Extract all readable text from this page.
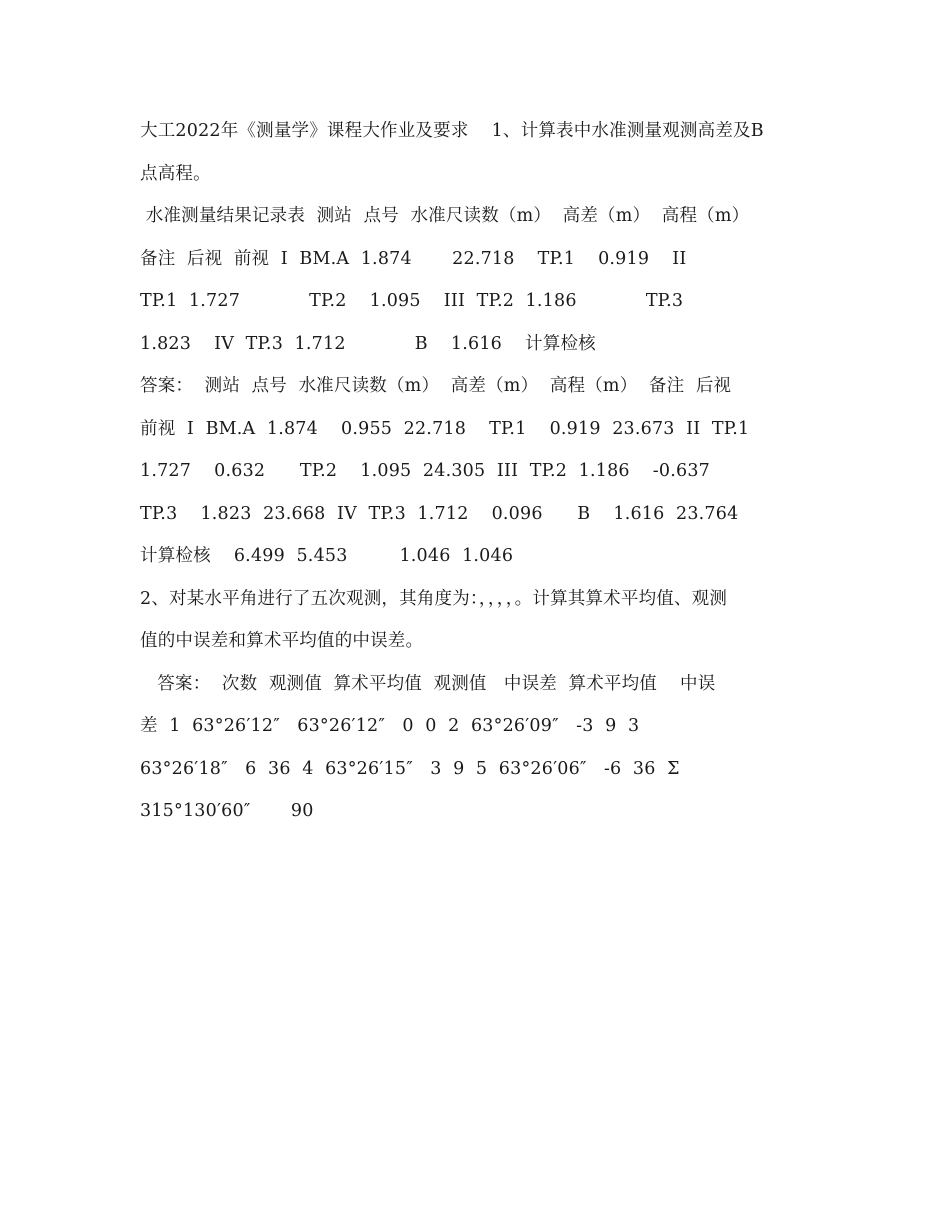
大工2022年《测量学》课程大作业及要求    1、计算表中水准测量观测高差及B
点高程。
水准测量结果记录表  测站  点号  水准尺读数（m）  高差（m）  高程（m）
备注  后视  前视  I  BM.A  1.874       22.718    TP.1    0.919    II
TP.1  1.727            TP.2    1.095    III  TP.2  1.186            TP.3
1.823    IV  TP.3  1.712            B    1.616    计算检核
答案：  测站  点号  水准尺读数（m）  高差（m）  高程（m）  备注  后视
前视  I  BM.A  1.874    0.955  22.718    TP.1    0.919  23.673  II  TP.1
1.727    0.632      TP.2    1.095  24.305  III  TP.2  1.186    -0.637
TP.3    1.823  23.668  IV  TP.3  1.712    0.096      B    1.616  23.764
计算检核    6.499  5.453         1.046  1.046
2、对某水平角进行了五次观测，其角度为：，，，，。计算其算术平均值、观测
值的中误差和算术平均值的中误差。
答案：  次数  观测值  算术平均值  观测值   中误差  算术平均值    中误
差  1  63°26′12″   63°26′12″   0  0  2  63°26′09″   -3  9  3
63°26′18″   6  36  4  63°26′15″   3  9  5  63°26′06″   -6  36  Σ
315°130′60″       90
